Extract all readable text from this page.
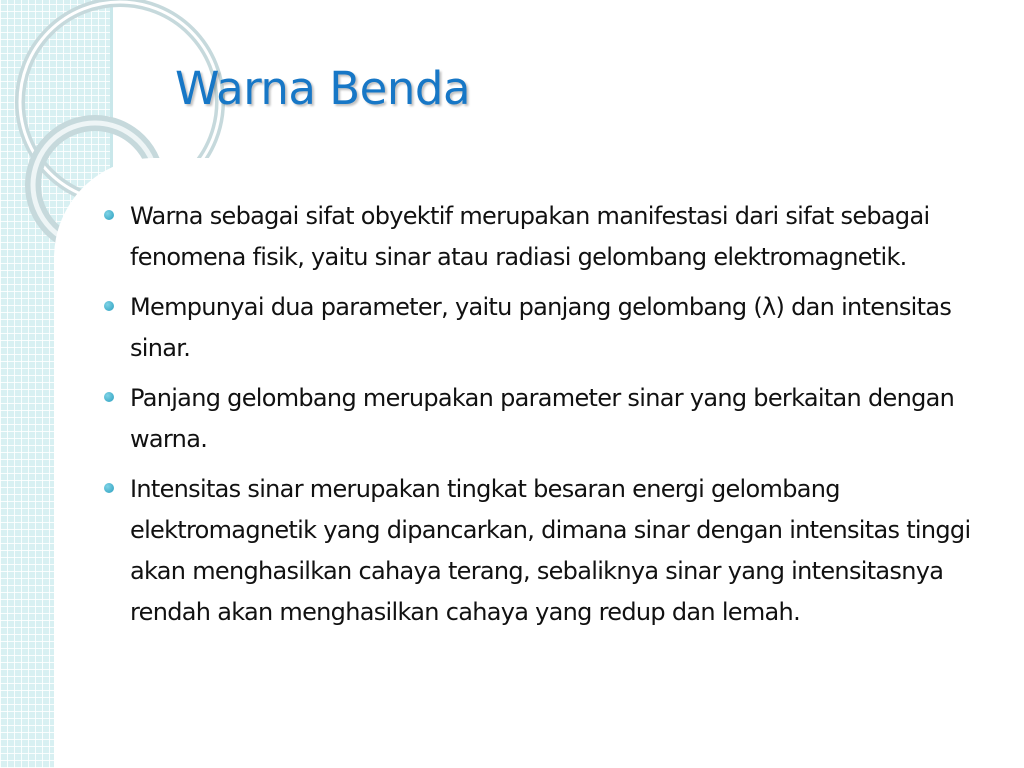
Warna Benda
Warna sebagai sifat obyektif merupakan manifestasi dari sifat sebagai fenomena fisik, yaitu sinar atau radiasi gelombang elektromagnetik.
Mempunyai dua parameter, yaitu panjang gelombang (λ) dan intensitas sinar.
Panjang gelombang merupakan parameter sinar yang berkaitan dengan warna.
Intensitas sinar merupakan tingkat besaran energi gelombang elektromagnetik yang dipancarkan, dimana sinar dengan intensitas tinggi akan menghasilkan cahaya terang, sebaliknya sinar yang intensitasnya rendah akan menghasilkan cahaya yang redup dan lemah.
